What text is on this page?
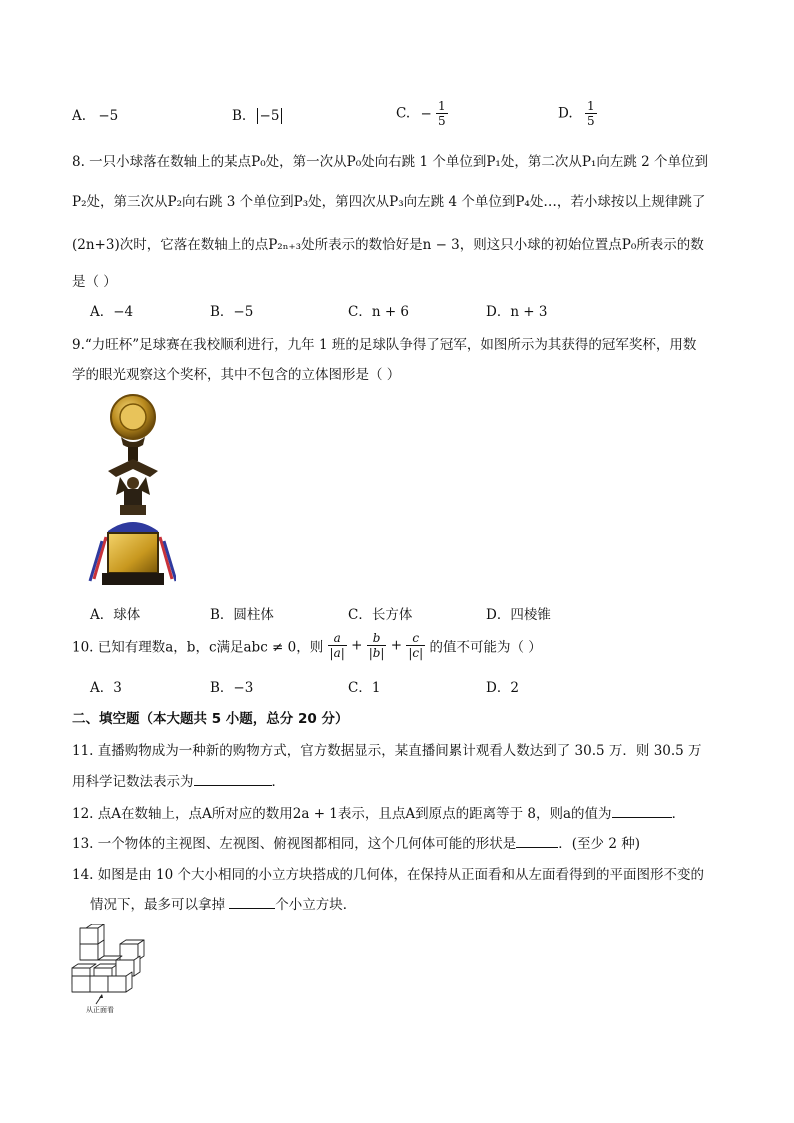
A. −5	B. −5	C. − $\frac{1}{5}$	D. $\frac{1}{5}$
8. 一只小球落在数轴上的某点P₀处，第一次从P₀处向右跳 1 个单位到P₁处，第二次从P₁向左跳 2 个单位到
P₂处，第三次从P₂向右跳 3 个单位到P₃处，第四次从P₃向左跳 4 个单位到P₄处…，若小球按以上规律跳了
(2n+3)次时，它落在数轴上的点P₂ₙ₊₃处所表示的数恰好是n − 3，则这只小球的初始位置点P₀所表示的数
是（ ）
A．−4	B．−5	C．n + 6	D．n + 3
9.“力旺杯”足球赛在我校顺利进行，九年 1 班的足球队争得了冠军，如图所示为其获得的冠军奖杯，用数
学的眼光观察这个奖杯，其中不包含的立体图形是（ ）
A．球体	B．圆柱体	C．长方体	D．四棱锥
10. 已知有理数a，b，c满足abc ≠ 0，则 $\frac{a}{|a|} + \frac{b}{|b|} + \frac{c}{|c|}$ 的值不可能为（ ）
A．3	B．−3	C．1	D．2
二、填空题（本大题共 5 小题，总分 20 分）
11. 直播购物成为一种新的购物方式，官方数据显示，某直播间累计观看人数达到了 30.5 万．则 30.5 万
用科学记数法表示为	．
12. 点A在数轴上，点A所对应的数用2a + 1表示，且点A到原点的距离等于 8，则a的值为	．
13. 一个物体的主视图、左视图、俯视图都相同，这个几何体可能的形状是	．(至少 2 种)
14. 如图是由 10 个大小相同的小立方块搭成的几何体，在保持从正面看和从左面看得到的平面图形不变的
情况下，最多可以拿掉	个小立方块．
从正面看
